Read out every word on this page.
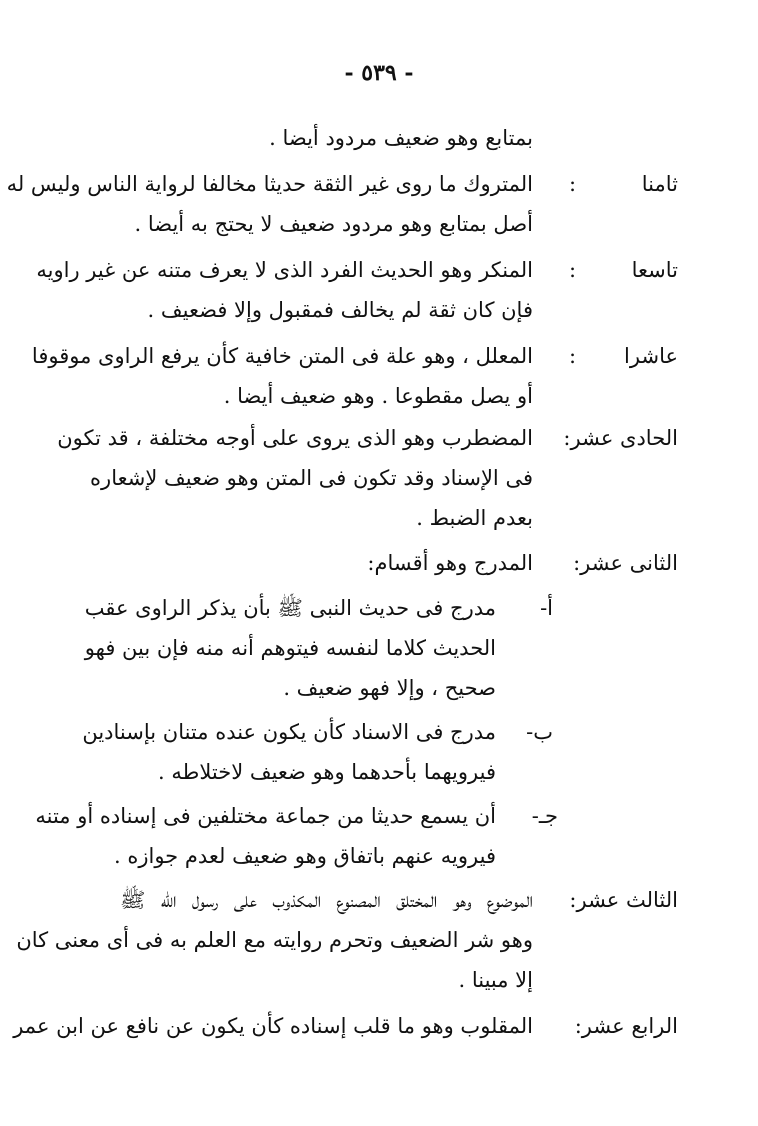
- ٥٣٩ -
بمتابع وهو ضعيف مردود أيضا .
ثامنا
:
المتروك ما روى غير الثقة حديثا مخالفا لرواية الناس وليس له
أصل بمتابع وهو مردود ضعيف لا يحتج به أيضا .
تاسعا
:
المنكر وهو الحديث الفرد الذى لا يعرف متنه عن غير راويه
فإن كان ثقة لم يخالف فمقبول وإلا فضعيف .
عاشرا
:
المعلل ، وهو علة فى المتن خافية كأن يرفع الراوى موقوفا
أو يصل مقطوعا . وهو ضعيف أيضا .
الحادى عشر:
المضطرب وهو الذى يروى على أوجه مختلفة ، قد تكون
فى الإسناد وقد تكون فى المتن وهو ضعيف لإشعاره
بعدم الضبط .
الثانى عشر:
المدرج وهو أقسام:
أ-
مدرج فى حديث النبى ﷺ بأن يذكر الراوى عقب
الحديث كلاما لنفسه فيتوهم أنه منه فإن بين فهو
صحيح ، وإلا فهو ضعيف .
ب-
مدرج فى الاسناد كأن يكون عنده متنان بإسنادين
فيرويهما بأحدهما وهو ضعيف لاختلاطه .
جـ-
أن يسمع حديثا من جماعة مختلفين فى إسناده أو متنه
فيرويه عنهم باتفاق وهو ضعيف لعدم جوازه .
الثالث عشر:
الموضوع وهو المختلق المصنوع المكذوب على رسول الله ﷺ
وهو شر الضعيف وتحرم روايته مع العلم به فى أى معنى كان
إلا مبينا .
الرابع عشر:
المقلوب وهو ما قلب إسناده كأن يكون عن نافع عن ابن عمر
